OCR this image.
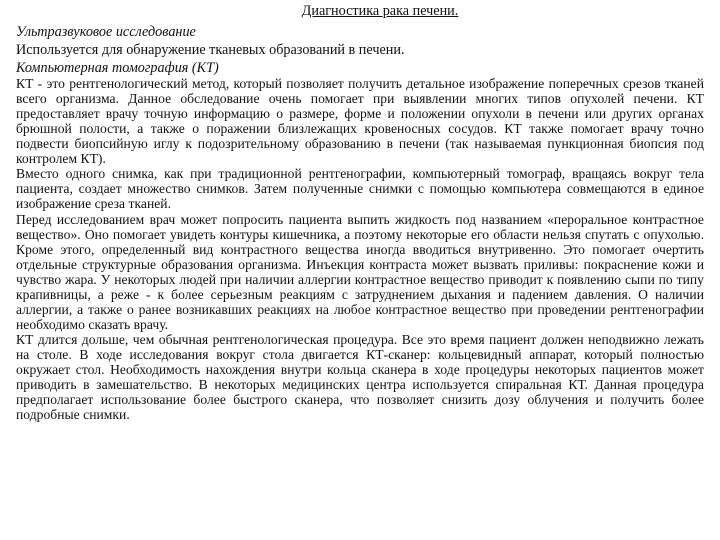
Диагностика рака печени.
Ультразвуковое исследование
Используется для обнаружение тканевых образований в печени.
Компьютерная томография (КТ)

КТ - это рентгенологический метод, который позволяет получить детальное изображение поперечных срезов тканей всего организма. Данное обследование очень помогает при выявлении многих типов опухолей печени. КТ предоставляет врачу точную информацию о размере, форме и положении опухоли в печени или других органах брюшной полости, а также о поражении близлежащих кровеносных сосудов. КТ также помогает врачу точно подвести биопсийную иглу к подозрительному образованию в печени (так называемая пункционная биопсия под контролем КТ).

Вместо одного снимка, как при традиционной рентгенографии, компьютерный томограф, вращаясь вокруг тела пациента, создает множество снимков. Затем полученные снимки с помощью компьютера совмещаются в единое изображение среза тканей.

Перед исследованием врач может попросить пациента выпить жидкость под названием «пероральное контрастное вещество». Оно помогает увидеть контуры кишечника, а поэтому некоторые его области нельзя спутать с опухолью. Кроме этого, определенный вид контрастного вещества иногда вводиться внутривенно. Это помогает очертить отдельные структурные образования организма. Инъекция контраста может вызвать приливы: покраснение кожи и чувство жара. У некоторых людей при наличии аллергии контрастное вещество приводит к появлению сыпи по типу крапивницы, а реже - к более серьезным реакциям с затруднением дыхания и падением давления. О наличии аллергии, а также о ранее возникавших реакциях на любое контрастное вещество при проведении рентгенографии необходимо сказать врачу.

КТ длится дольше, чем обычная рентгенологическая процедура. Все это время пациент должен неподвижно лежать на столе. В ходе исследования вокруг стола двигается КТ-сканер: кольцевидный аппарат, который полностью окружает стол. Необходимость нахождения внутри кольца сканера в ходе процедуры некоторых пациентов может приводить в замешательство. В некоторых медицинских центра используется спиральная КТ. Данная процедура предполагает использование более быстрого сканера, что позволяет снизить дозу облучения и получить более подробные снимки.
